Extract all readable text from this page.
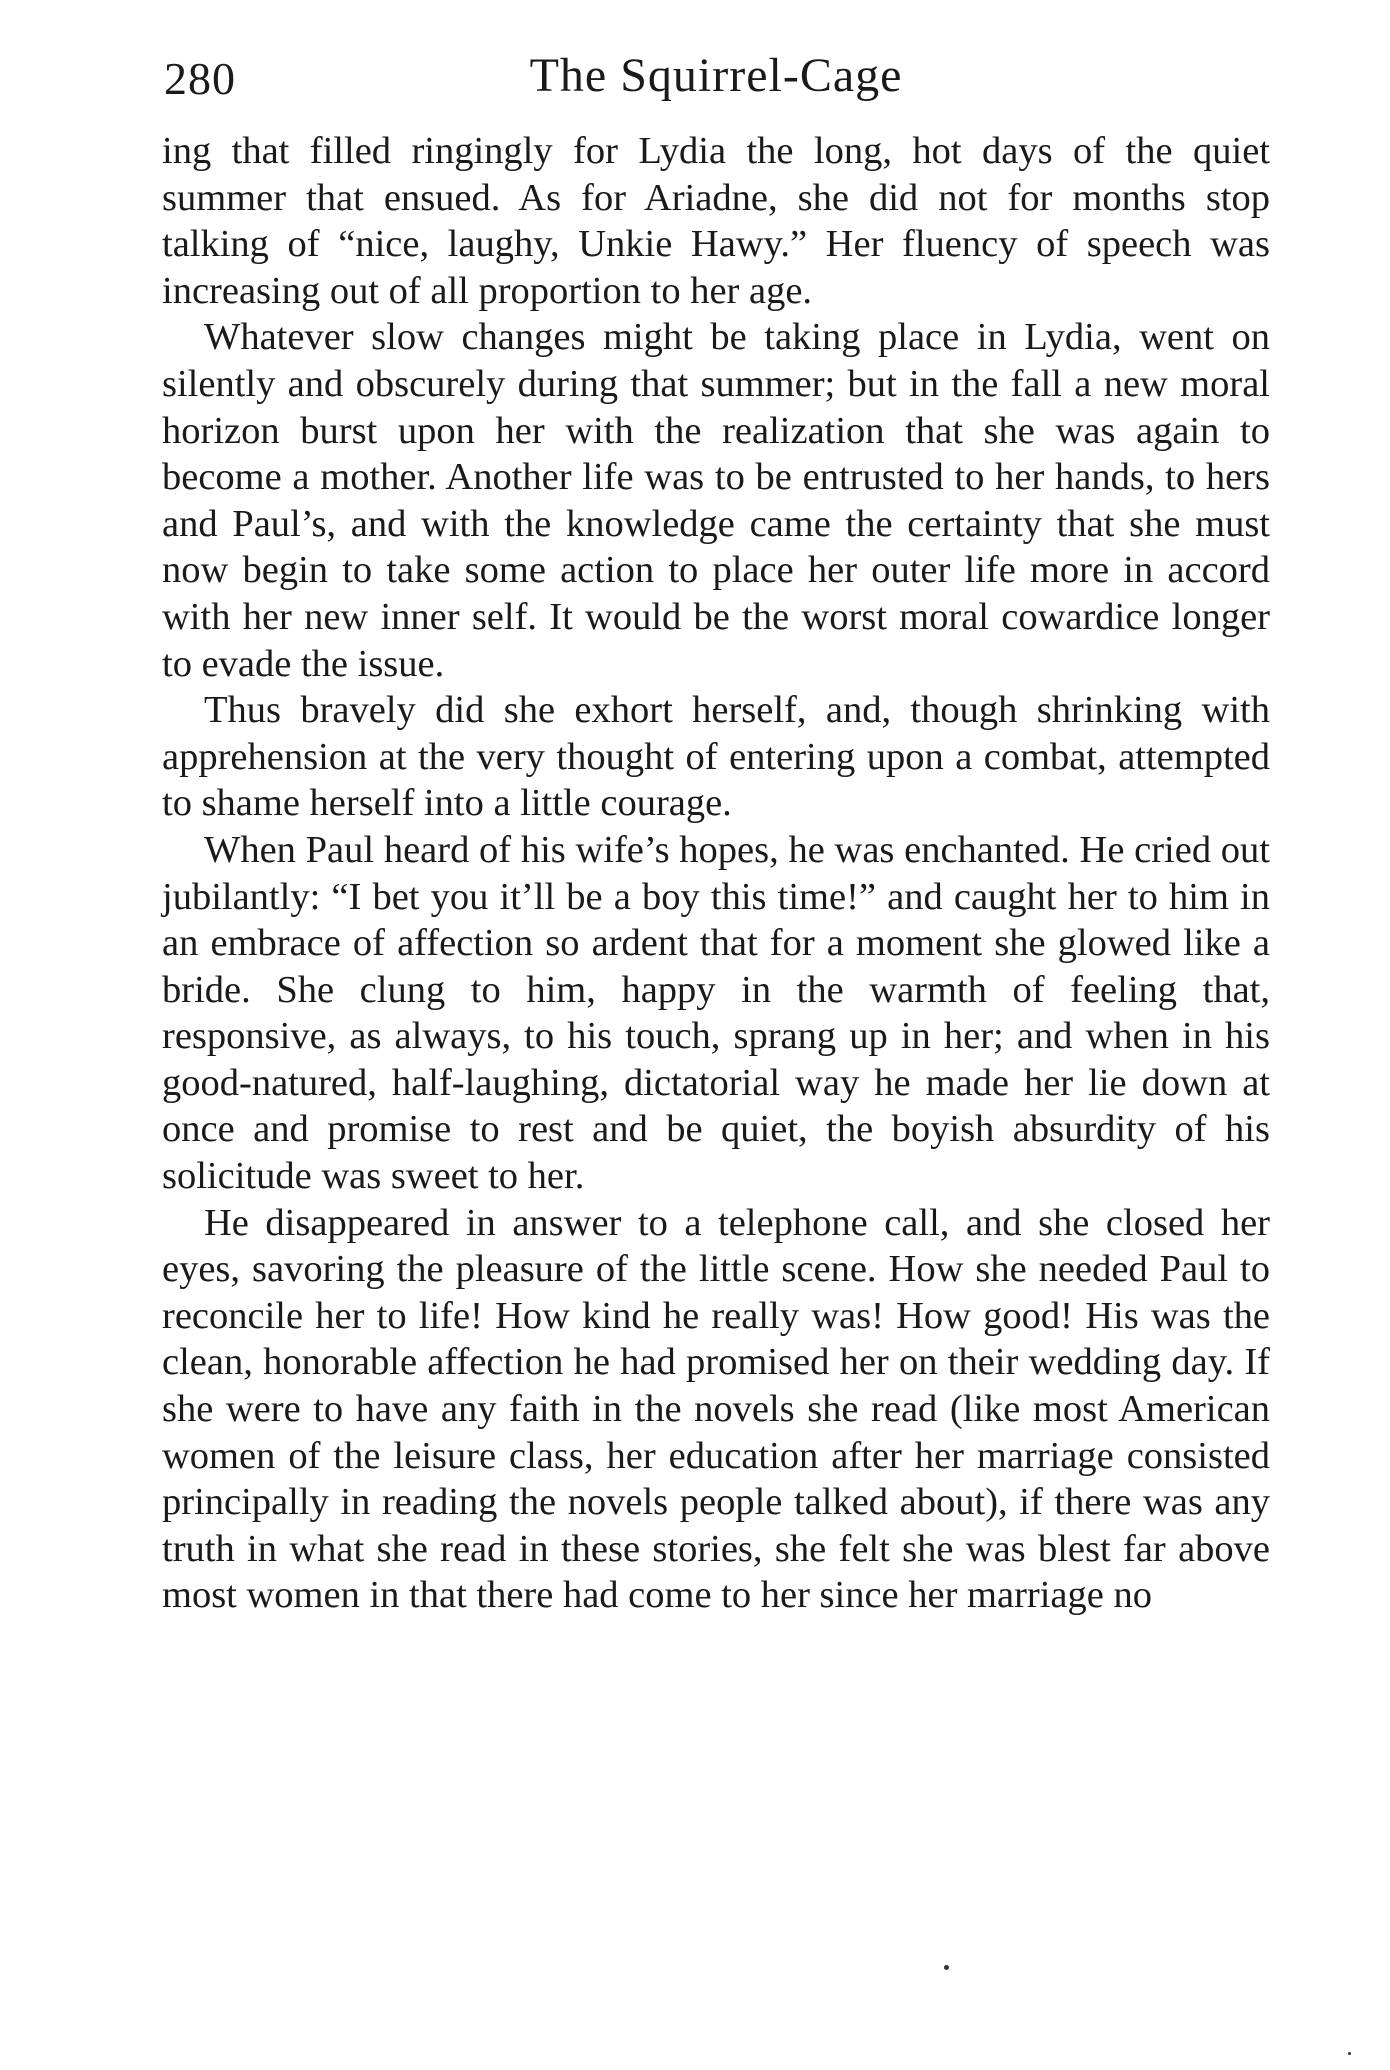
280	The Squirrel-Cage

ing that filled ringingly for Lydia the long, hot days of the quiet summer that ensued. As for Ariadne, she did not for months stop talking of “nice, laughy, Unkie Hawy.” Her fluency of speech was increasing out of all proportion to her age.

Whatever slow changes might be taking place in Lydia, went on silently and obscurely during that summer; but in the fall a new moral horizon burst upon her with the realization that she was again to become a mother. Another life was to be entrusted to her hands, to hers and Paul’s, and with the knowledge came the certainty that she must now begin to take some action to place her outer life more in accord with her new inner self. It would be the worst moral cowardice longer to evade the issue.

Thus bravely did she exhort herself, and, though shrinking with apprehension at the very thought of entering upon a combat, attempted to shame herself into a little courage.

When Paul heard of his wife’s hopes, he was enchanted. He cried out jubilantly: “I bet you it’ll be a boy this time!” and caught her to him in an embrace of affection so ardent that for a moment she glowed like a bride. She clung to him, happy in the warmth of feeling that, responsive, as always, to his touch, sprang up in her; and when in his good-natured, half-laughing, dictatorial way he made her lie down at once and promise to rest and be quiet, the boyish absurdity of his solicitude was sweet to her.

He disappeared in answer to a telephone call, and she closed her eyes, savoring the pleasure of the little scene. How she needed Paul to reconcile her to life! How kind he really was! How good! His was the clean, honorable affection he had promised her on their wedding day. If she were to have any faith in the novels she read (like most American women of the leisure class, her education after her marriage consisted principally in reading the novels people talked about), if there was any truth in what she read in these stories, she felt she was blest far above most women in that there had come to her since her marriage no
